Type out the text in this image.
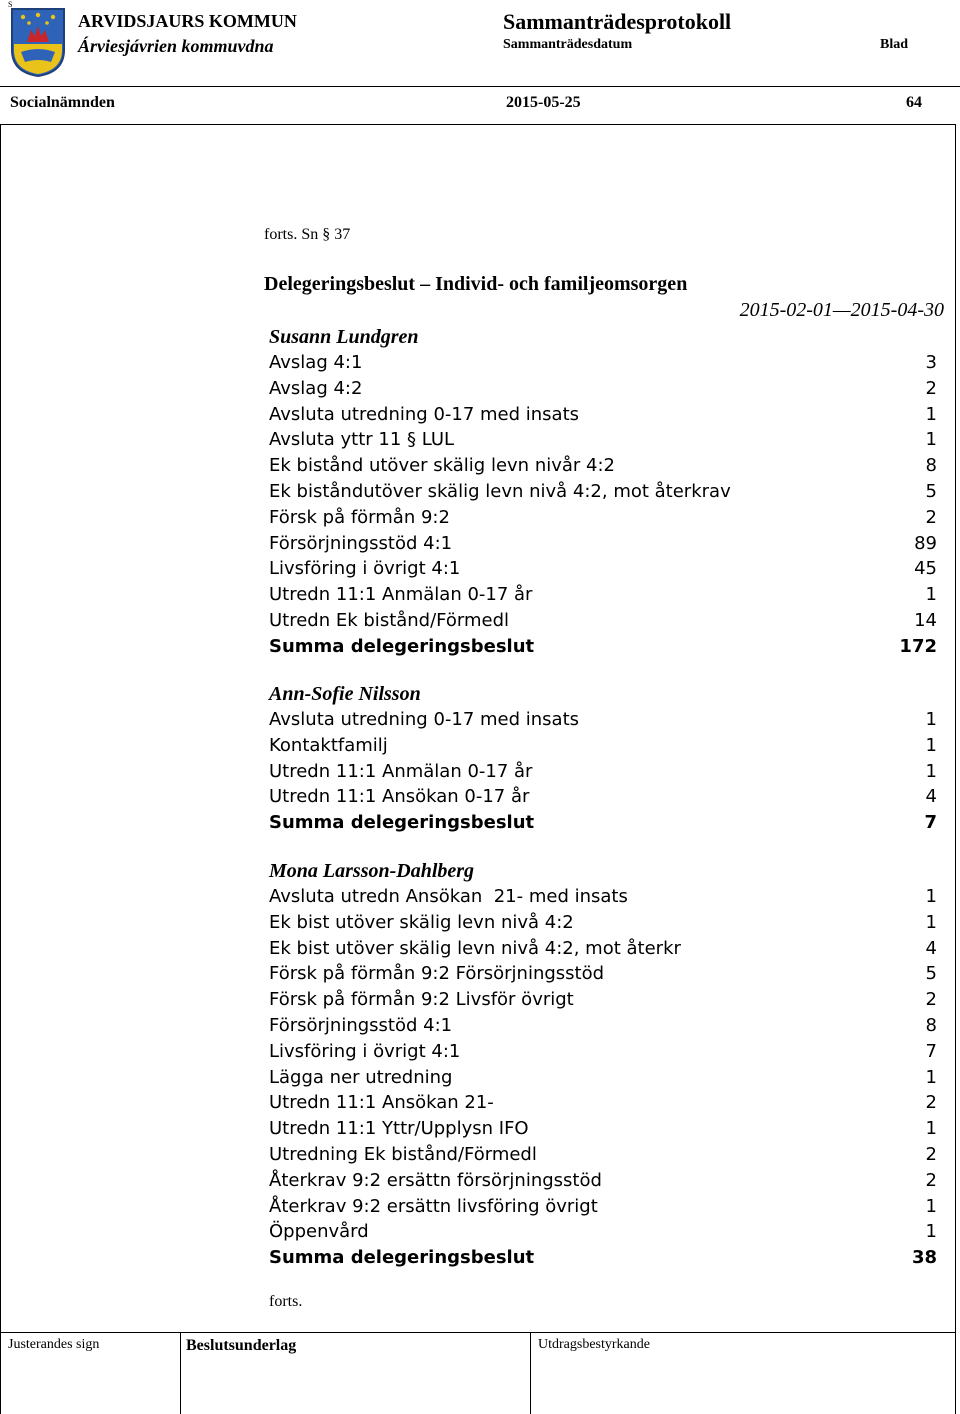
S
ARVIDSJAURS KOMMUN
Árviesjávrien kommuvdna
Sammanträdesprotokoll
Sammanträdesdatum	Blad
Socialnämnden	2015-05-25	64
forts. Sn § 37
Delegeringsbeslut – Individ- och familjeomsorgen
2015-02-01—2015-04-30
Susann Lundgren
Avslag 4:1	3
Avslag 4:2	2
Avsluta utredning 0-17 med insats	1
Avsluta yttr 11 § LUL	1
Ek bistånd utöver skälig levn nivår 4:2	8
Ek biståndutöver skälig levn nivå 4:2, mot återkrav	5
Försk på förmån 9:2	2
Försörjningsstöd 4:1	89
Livsföring i övrigt 4:1	45
Utredn 11:1 Anmälan 0-17 år	1
Utredn Ek bistånd/Förmedl	14
Summa delegeringsbeslut	172
Ann-Sofie Nilsson
Avsluta utredning 0-17 med insats	1
Kontaktfamilj	1
Utredn 11:1 Anmälan 0-17 år	1
Utredn 11:1 Ansökan 0-17 år	4
Summa delegeringsbeslut	7
Mona Larsson-Dahlberg
Avsluta utredn Ansökan  21- med insats	1
Ek bist utöver skälig levn nivå 4:2	1
Ek bist utöver skälig levn nivå 4:2, mot återkr	4
Försk på förmån 9:2 Försörjningsstöd	5
Försk på förmån 9:2 Livsför övrigt	2
Försörjningsstöd 4:1	8
Livsföring i övrigt 4:1	7
Lägga ner utredning	1
Utredn 11:1 Ansökan 21-	2
Utredn 11:1 Yttr/Upplysn IFO	1
Utredning Ek bistånd/Förmedl	2
Återkrav 9:2 ersättn försörjningsstöd	2
Återkrav 9:2 ersättn livsföring övrigt	1
Öppenvård	1
Summa delegeringsbeslut	38
forts.
Justerandes sign	Beslutsunderlag	Utdragsbestyrkande
